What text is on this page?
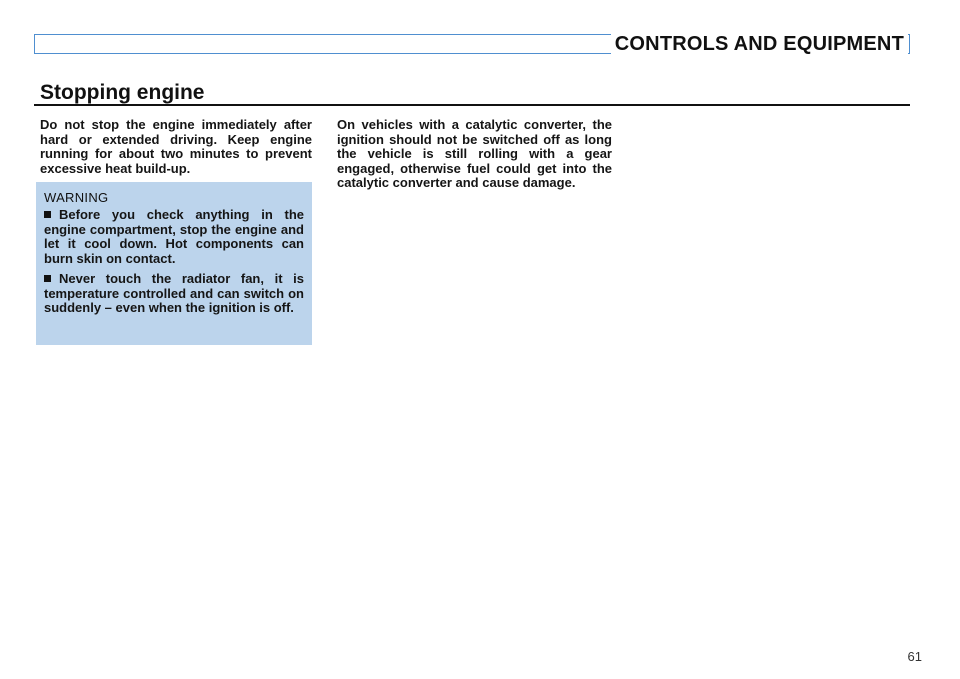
CONTROLS AND EQUIPMENT
Stopping engine

Do not stop the engine immediately after hard or extended driving. Keep engine running for about two minutes to prevent excessive heat build-up.

WARNING

Before you check anything in the engine compartment, stop the engine and let it cool down. Hot components can burn skin on contact.

Never touch the radiator fan, it is temperature controlled and can switch on suddenly – even when the ignition is off.

On vehicles with a catalytic converter, the ignition should not be switched off as long the vehicle is still rolling with a gear engaged, otherwise fuel could get into the catalytic converter and cause damage.

61
